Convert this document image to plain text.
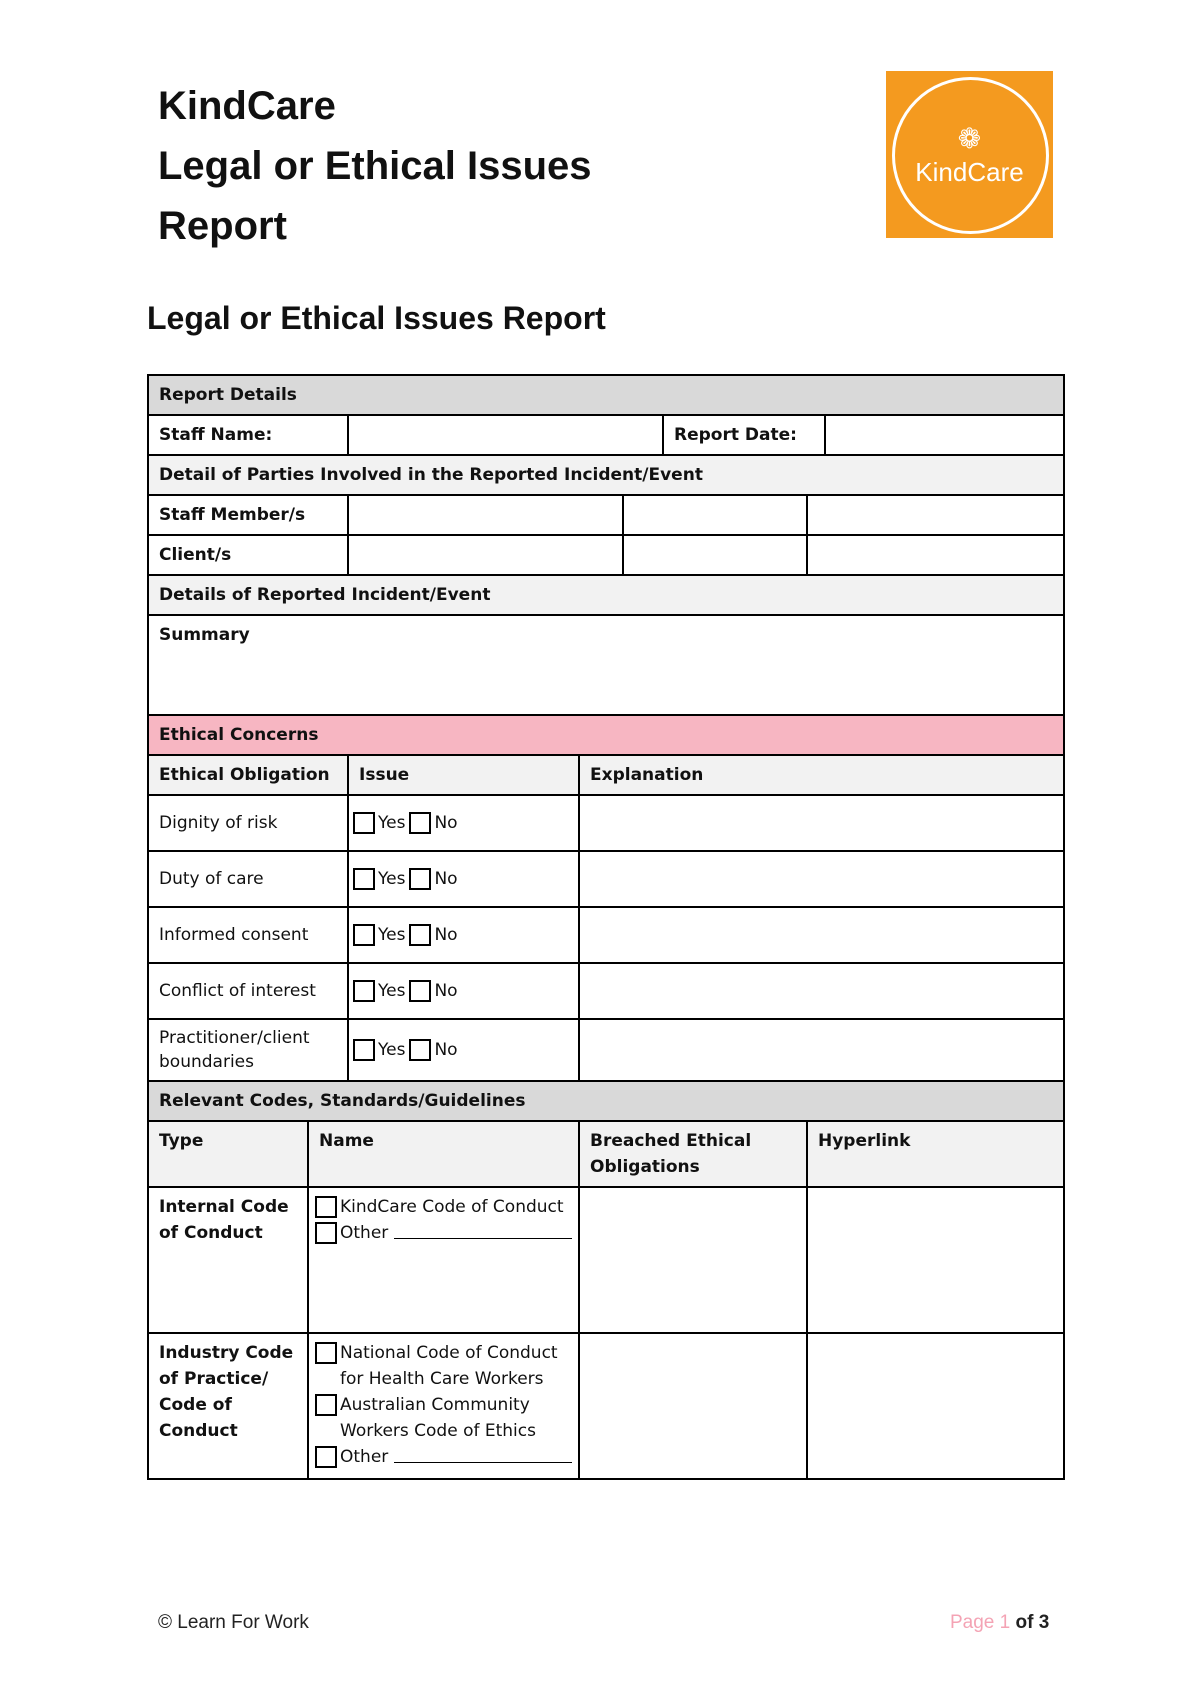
KindCare
Legal or Ethical Issues
Report
❁
KindCare
Legal or Ethical Issues Report
Report Details							
Staff Name:					Report Date:		
Detail of Parties Involved in the Reported Incident/Event							
Staff Member/s							
Client/s							
Details of Reported Incident/Event							
Summary							
Ethical Concerns							
Ethical Obligation		Issue	Explanation				
Dignity of risk		Yes No					

Duty of care		Yes No					

Informed consent		Yes No					

Conflict of interest		Yes No					

Practitioner/client boundaries		Yes No					

Relevant Codes, Standards/Guidelines							
Type	Name		Breached Ethical Obligations			Hyperlink	
Internal Code of Conduct	KindCare Code of Conduct
Other						

Industry Code of Practice/ Code of Conduct	National Code of Conduct for Health Care Workers
Australian Community Workers Code of Ethics
Other						

© Learn For Work	Page 1 of 3
